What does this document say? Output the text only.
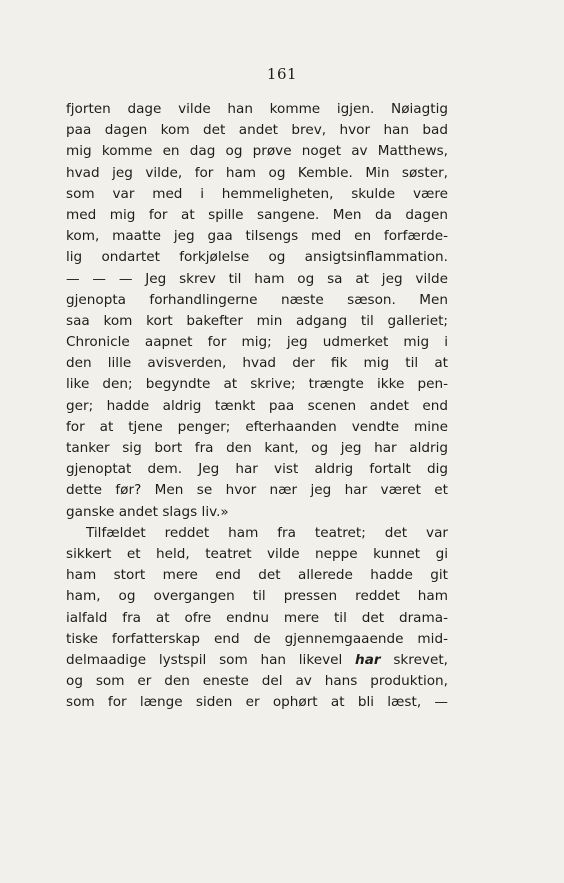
161
fjorten dage vilde han komme igjen. Nøiagtig
paa dagen kom det andet brev, hvor han bad
mig komme en dag og prøve noget av Matthews,
hvad jeg vilde, for ham og Kemble. Min søster,
som var med i hemmeligheten, skulde være
med mig for at spille sangene. Men da dagen
kom, maatte jeg gaa tilsengs med en forfærde-
lig ondartet forkjølelse og ansigtsinflammation.
— — — Jeg skrev til ham og sa at jeg vilde
gjenopta forhandlingerne næste sæson. Men
saa kom kort bakefter min adgang til galleriet;
Chronicle aapnet for mig; jeg udmerket mig i
den lille avisverden, hvad der fik mig til at
like den; begyndte at skrive; trængte ikke pen-
ger; hadde aldrig tænkt paa scenen andet end
for at tjene penger; efterhaanden vendte mine
tanker sig bort fra den kant, og jeg har aldrig
gjenoptat dem. Jeg har vist aldrig fortalt dig
dette før? Men se hvor nær jeg har været et
ganske andet slags liv.»
Tilfældet reddet ham fra teatret; det var
sikkert et held, teatret vilde neppe kunnet gi
ham stort mere end det allerede hadde git
ham, og overgangen til pressen reddet ham
ialfald fra at ofre endnu mere til det drama-
tiske forfatterskap end de gjennemgaaende mid-
delmaadige lystspil som han likevel har skrevet,
og som er den eneste del av hans produktion,
som for længe siden er ophørt at bli læst, —
